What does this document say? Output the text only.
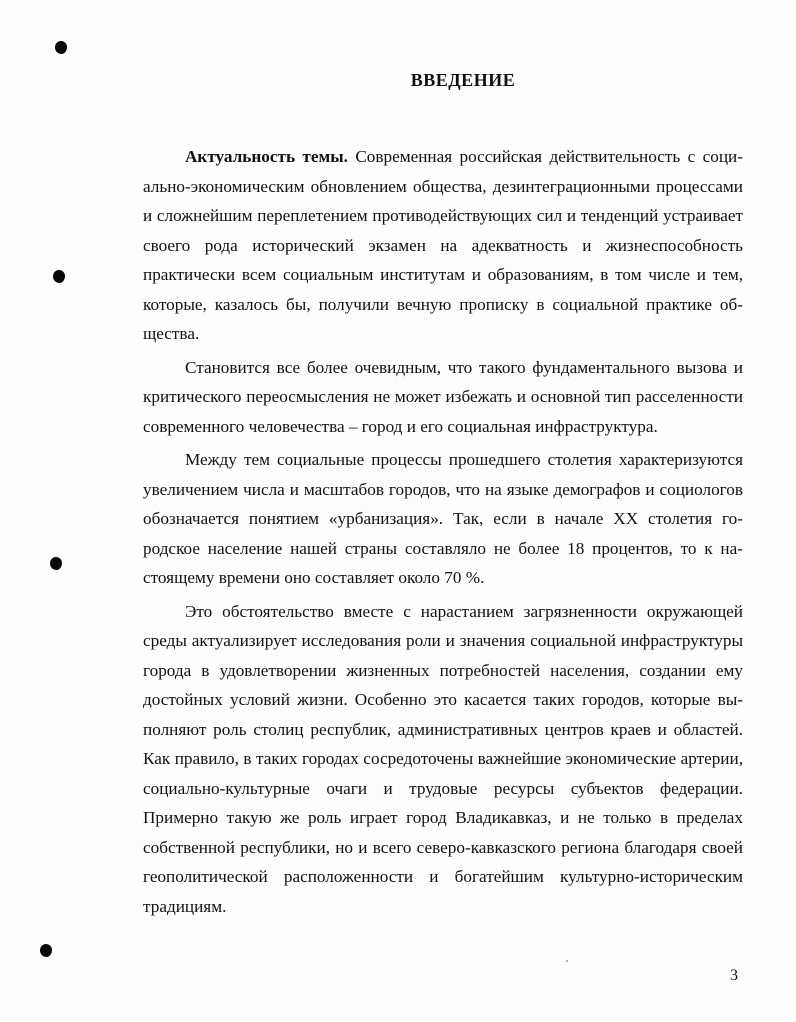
ВВЕДЕНИЕ

Актуальность темы. Современная российская действительность с социально-экономическим обновлением общества, дезинтеграционными процессами и сложнейшим переплетением противодействующих сил и тенденций устраивает своего рода исторический экзамен на адекватность и жизнеспособность практически всем социальным институтам и образованиям, в том числе и тем, которые, казалось бы, получили вечную прописку в социальной практике общества.

Становится все более очевидным, что такого фундаментального вызова и критического переосмысления не может избежать и основной тип расселенности современного человечества – город и его социальная инфраструктура.

Между тем социальные процессы прошедшего столетия характеризуются увеличением числа и масштабов городов, что на языке демографов и социологов обозначается понятием «урбанизация». Так, если в начале XX столетия городское население нашей страны составляло не более 18 процентов, то к настоящему времени оно составляет около 70 %.

Это обстоятельство вместе с нарастанием загрязненности окружающей среды актуализирует исследования роли и значения социальной инфраструктуры города в удовлетворении жизненных потребностей населения, создании ему достойных условий жизни. Особенно это касается таких городов, которые выполняют роль столиц республик, административных центров краев и областей. Как правило, в таких городах сосредоточены важнейшие экономические артерии, социально-культурные очаги и трудовые ресурсы субъектов федерации. Примерно такую же роль играет город Владикавказ, и не только в пределах собственной республики, но и всего северо-кавказского региона благодаря своей геополитической расположенности и богатейшим культурно-историческим традициям.

3
